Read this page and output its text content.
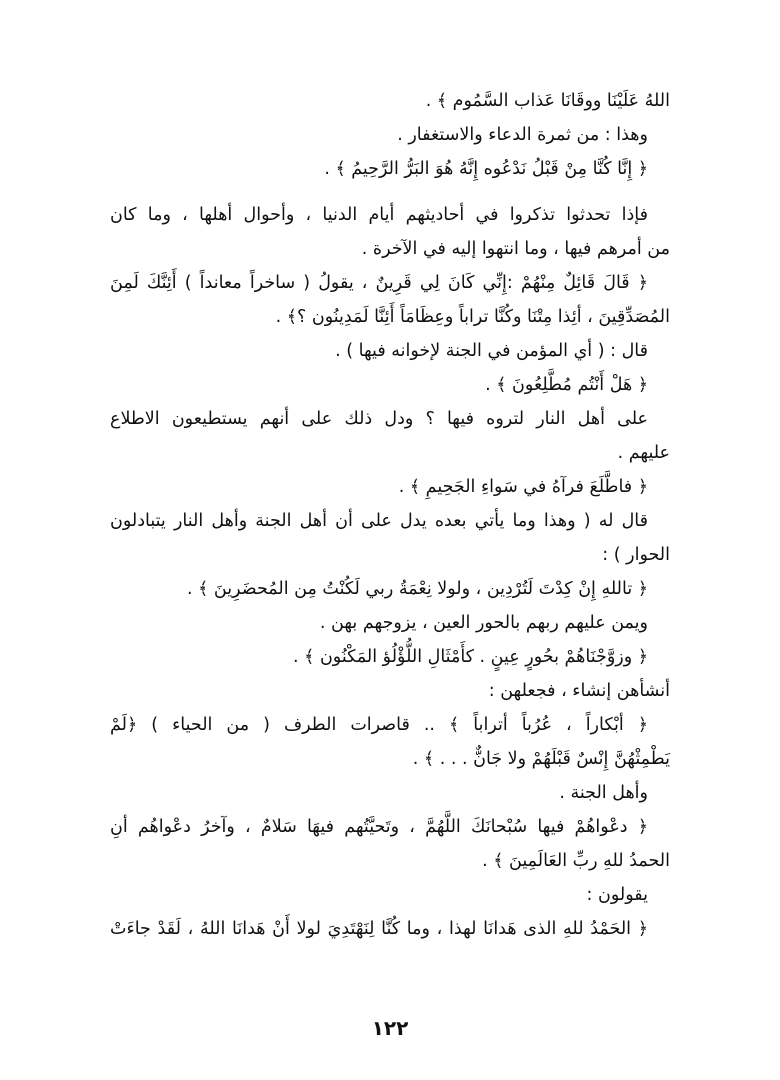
اللهُ عَلَيْنَا ووقَانَا عَذاب السَّمُوم ﴾ .
وهذا : من ثمرة الدعاء والاستغفار .
﴿ إِنَّا كُنَّا مِنْ قَبْلُ نَدْعُوه إِنَّهُ هُوَ البَرُّ الرَّحِيمُ ﴾ .
فإذا تحدثوا تذكروا في أحاديثهم أيام الدنيا ، وأحوال أهلها ، وما كان
من أمرهم فيها ، وما انتهوا إليه في الآخرة .
﴿ قَالَ قَائِلٌ مِنْهُمْ :إِنِّي كَانَ لِي قَرِينٌ ، يقولُ ( ساخراً معانداً ) أَئِنَّكَ لَمِنَ
المُصَدِّقِينَ ، أئِذا مِتْنَا وكُنَّا تراباً وعِظَامَاً أَئِنَّا لَمَدِينُون ؟﴾ .
قال : ( أي المؤمن في الجنة لإخوانه فيها ) .
﴿ هَلْ أَنْتُم مُطَّلِعُونَ ﴾ .
على أهل النار لتروه فيها ؟ ودل ذلك على أنهم يستطيعون الاطلاع
عليهم .
﴿ فاطَّلَعَ فرآهُ في سَواءِ الجَحِيمِ ﴾ .
قال له ( وهذا وما يأتي بعده يدل على أن أهل الجنة وأهل النار يتبادلون
الحوار ) :
﴿ تاللهِ إِنْ كِدْتَ لَتُرْدِين ، ولولا نِعْمَةُ ربي لَكُنْتُ مِن المُحضَرِينَ ﴾ .
ويمن عليهم ربهم بالحور العين ، يزوجهم بهن .
﴿ وزوَّجْنَاهُمْ بحُورٍ عِينٍ . كأَمْثَالِ اللُّؤْلُؤ المَكْنُون ﴾ .
أنشأهن إنشاء ، فجعلهن :
﴿ أبْكاراً ، عُرُباً أتراباً ﴾ .. قاصرات الطرف ( من الحياء ) ﴿لَمْ
يَطْمِثْهُنَّ إِنْسٌ قَبْلَهُمْ ولا جَانٌّ . . . ﴾ .
وأهل الجنة .
﴿ دعْواهُمْ فيها سُبْحانَكَ اللَّهُمَّ ، وتَحيَّتُهم فيهَا سَلامٌ ، وآخرُ دعْواهُم أنِ
الحمدُ للهِ ربِّ العَالَمِينَ ﴾ .
يقولون :
﴿ الحَمْدُ للهِ الذى هَدانَا لهذا ، وما كُنَّا لِنَهْتَدِيَ لولا أَنْ هَدانَا اللهُ ، لَقَدْ جاءَتْ
١٢٢
